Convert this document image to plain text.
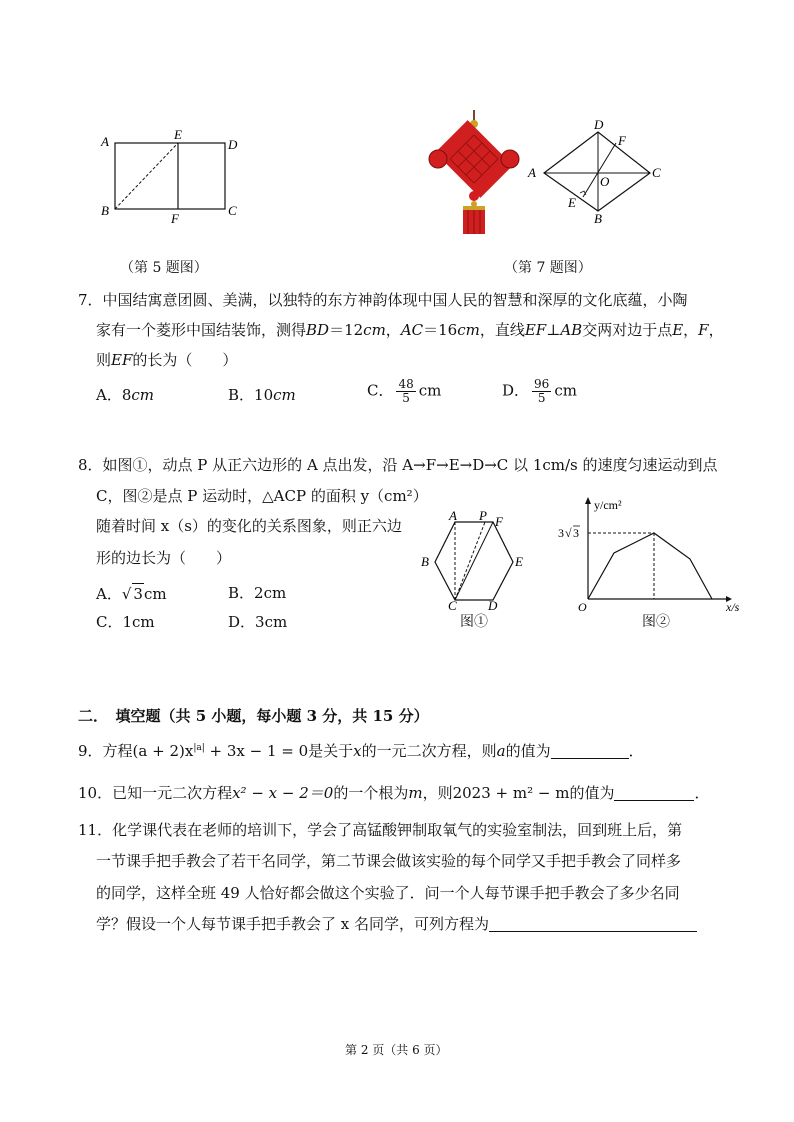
A	E
D
B
F
C
A
D
F
O
C
E
B
（第 5 题图）	（第 7 题图）
7．中国结寓意团圆、美满，以独特的东方神韵体现中国人民的智慧和深厚的文化底蕴，小陶
家有一个菱形中国结装饰，测得BD＝12cm，AC＝16cm，直线EF⊥AB交两对边于点E，F，
则EF的长为（　　）
A．8cm	B．10cm	C． $\frac{48}{5}$ cm	D． $\frac{96}{5}$ cm
8．如图①，动点 P 从正六边形的 A 点出发，沿 A→F→E→D→C 以 1cm/s 的速度匀速运动到点
C，图②是点 P 运动时，△ACP 的面积 y（cm²）
随着时间 x（s）的变化的关系图象，则正六边
形的边长为（　　）
A．√ 3cm	B．2cm
C．1cm	D．3cm
A P F
B	E
C D
图①
y/cm²
x/s
O
3 √ 3
图②
二．　填空题（共 5 小题，每小题 3 分，共 15 分）
9．方程$(a + 2)x^{|a|} + 3x - 1 = 0$是关于x的一元二次方程，则a的值为	．
10．已知一元二次方程x² − x − 2＝0的一个根为m，则2023 + m² − m的值为	．
11．化学课代表在老师的培训下，学会了高锰酸钾制取氧气的实验室制法，回到班上后，第
一节课手把手教会了若干名同学，第二节课会做该实验的每个同学又手把手教会了同样多
的同学，这样全班 49 人恰好都会做这个实验了．问一个人每节课手把手教会了多少名同
学？假设一个人每节课手把手教会了 x 名同学，可列方程为
第 2 页（共 6 页）
